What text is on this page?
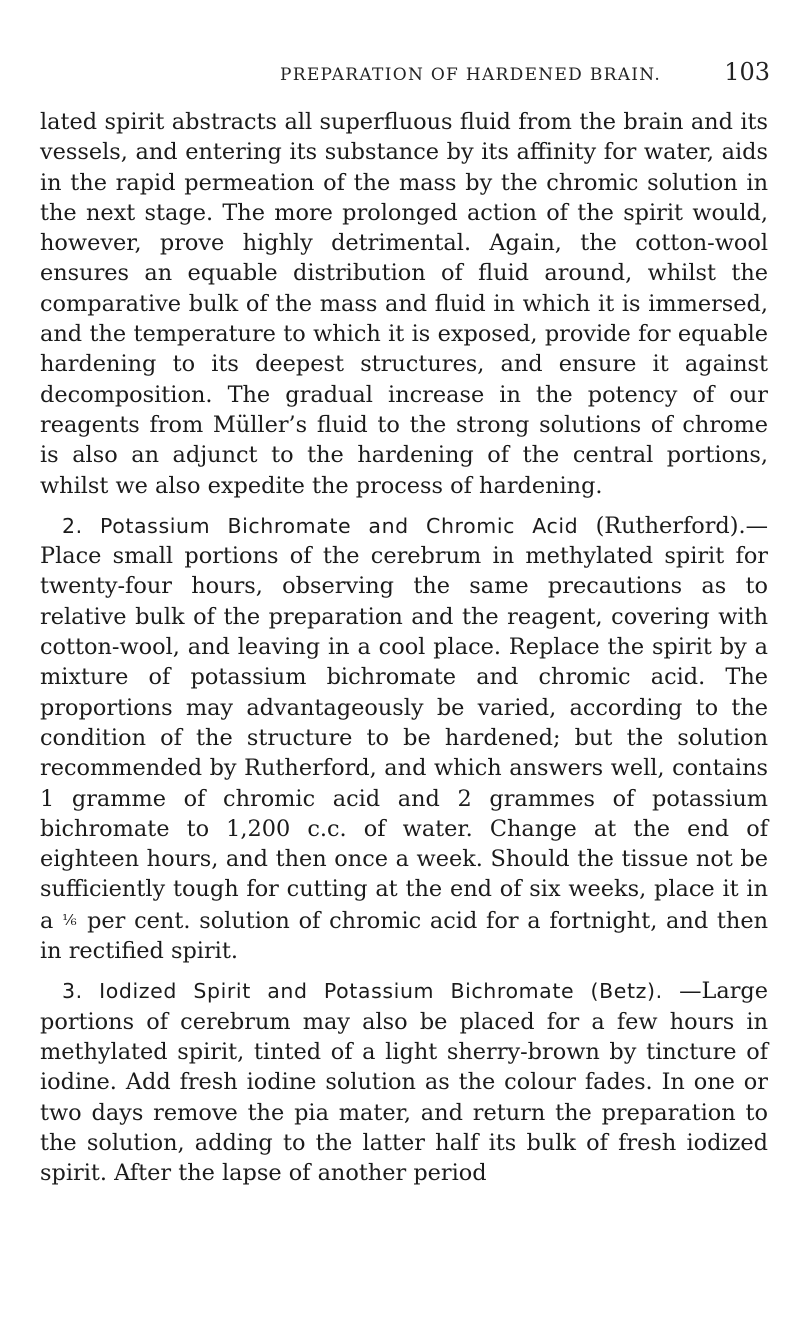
PREPARATION OF HARDENED BRAIN.	103

lated spirit abstracts all superfluous fluid from the brain and its vessels, and entering its substance by its affinity for water, aids in the rapid permeation of the mass by the chromic solution in the next stage. The more prolonged action of the spirit would, however, prove highly detrimental. Again, the cotton-wool ensures an equable distribution of fluid around, whilst the comparative bulk of the mass and fluid in which it is immersed, and the temperature to which it is exposed, provide for equable hardening to its deepest structures, and ensure it against decomposition. The gradual increase in the potency of our reagents from Müller’s fluid to the strong solutions of chrome is also an adjunct to the hardening of the central portions, whilst we also expedite the process of hardening.

2. Potassium Bichromate and Chromic Acid (Rutherford).—Place small portions of the cerebrum in methylated spirit for twenty-four hours, observing the same precautions as to relative bulk of the preparation and the reagent, covering with cotton-wool, and leaving in a cool place. Replace the spirit by a mixture of potassium bichromate and chromic acid. The proportions may advantageously be varied, according to the condition of the structure to be hardened; but the solution recommended by Rutherford, and which answers well, contains 1 gramme of chromic acid and 2 grammes of potassium bichromate to 1,200 c.c. of water. Change at the end of eighteen hours, and then once a week. Should the tissue not be sufficiently tough for cutting at the end of six weeks, place it in a ⅙ per cent. solution of chromic acid for a fortnight, and then in rectified spirit.

3. Iodized Spirit and Potassium Bichromate (Betz). —Large portions of cerebrum may also be placed for a few hours in methylated spirit, tinted of a light sherry-brown by tincture of iodine. Add fresh iodine solution as the colour fades. In one or two days remove the pia mater, and return the preparation to the solution, adding to the latter half its bulk of fresh iodized spirit. After the lapse of another period
